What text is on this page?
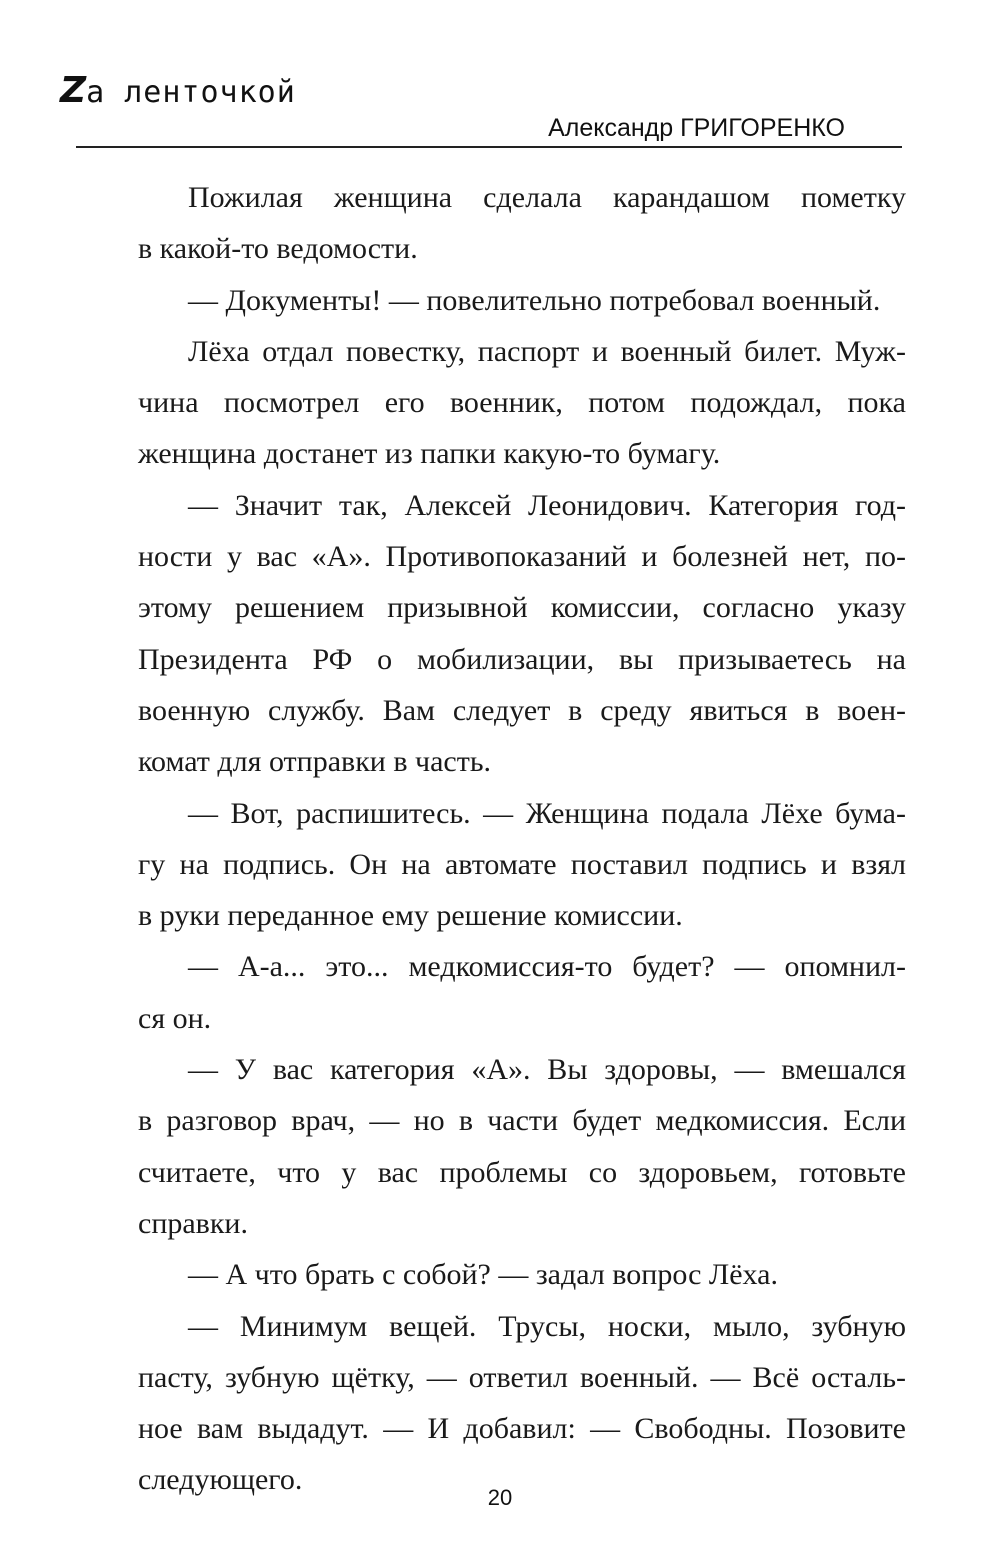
Za ленточкой
Александр ГРИГОРЕНКО
Пожилая женщина сделала карандашом пометку
в какой-то ведомости.
— Документы! — повелительно потребовал военный.
Лёха отдал повестку, паспорт и военный билет. Муж-
чина посмотрел его военник, потом подождал, пока
женщина достанет из папки какую-то бумагу.
— Значит так, Алексей Леонидович. Категория год-
ности у вас «А». Противопоказаний и болезней нет, по-
этому решением призывной комиссии, согласно указу
Президента РФ о мобилизации, вы призываетесь на
военную службу. Вам следует в среду явиться в воен-
комат для отправки в часть.
— Вот, распишитесь. — Женщина подала Лёхе бума-
гу на подпись. Он на автомате поставил подпись и взял
в руки переданное ему решение комиссии.
— А-а... это... медкомиссия-то будет? — опомнил-
ся он.
— У вас категория «А». Вы здоровы, — вмешался
в разговор врач, — но в части будет медкомиссия. Если
считаете, что у вас проблемы со здоровьем, готовьте
справки.
— А что брать с собой? — задал вопрос Лёха.
— Минимум вещей. Трусы, носки, мыло, зубную
пасту, зубную щётку, — ответил военный. — Всё осталь-
ное вам выдадут. — И добавил: — Свободны. Позовите
следующего.
20
